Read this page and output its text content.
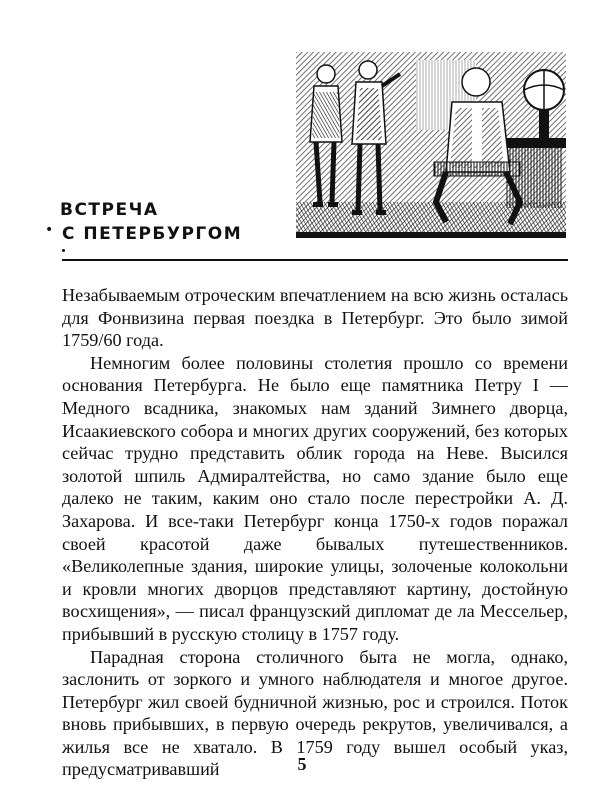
ВСТРЕЧА
С ПЕТЕРБУРГОМ
•

Незабываемым отроческим впечатлением на всю жизнь осталась для Фонвизина первая поездка в Петербург. Это было зимой 1759/60 года.

Немногим более половины столетия прошло со времени основания Петербурга. Не было еще памятника Петру I — Медного всадника, знакомых нам зданий Зимнего дворца, Исаакиевского собора и многих других сооружений, без которых сейчас трудно представить облик города на Неве. Высился золотой шпиль Адмиралтейства, но само здание было еще далеко не таким, каким оно стало после перестройки А. Д. Захарова. И все-таки Петербург конца 1750-х годов поражал своей красотой даже бывалых путешественников. «Великолепные здания, широкие улицы, золоченые колокольни и кровли многих дворцов представляют картину, достойную восхищения», — писал французский дипломат де ла Мессельер, прибывший в русскую столицу в 1757 году.

Парадная сторона столичного быта не могла, однако, заслонить от зоркого и умного наблюдателя и многое другое. Петербург жил своей будничной жизнью, рос и строился. Поток вновь прибывших, в первую очередь рекрутов, увеличивался, а жилья все не хватало. В 1759 году вышел особый указ, предусматривавший	5
